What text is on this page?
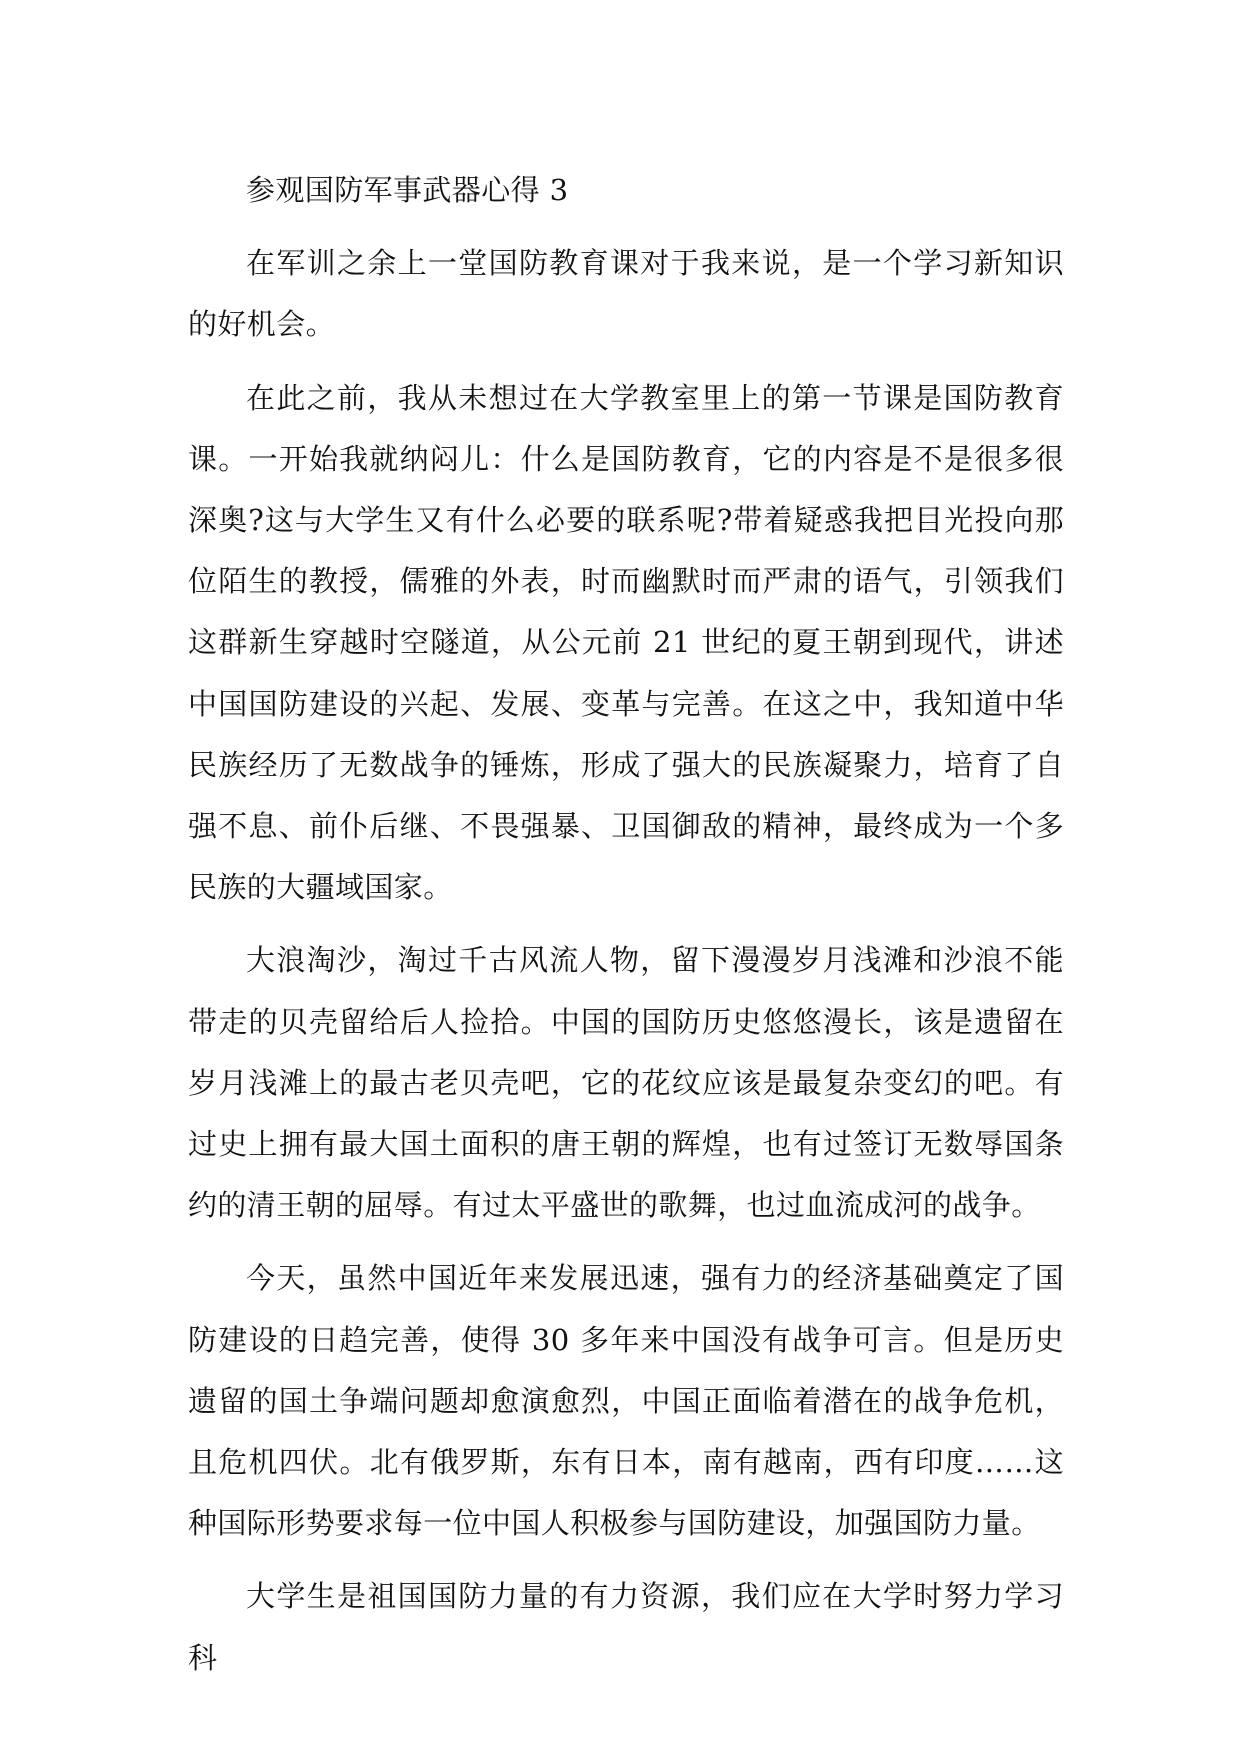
参观国防军事武器心得 3

在军训之余上一堂国防教育课对于我来说，是一个学习新知识的好机会。

在此之前，我从未想过在大学教室里上的第一节课是国防教育课。一开始我就纳闷儿：什么是国防教育，它的内容是不是很多很深奥?这与大学生又有什么必要的联系呢?带着疑惑我把目光投向那位陌生的教授，儒雅的外表，时而幽默时而严肃的语气，引领我们这群新生穿越时空隧道，从公元前 21 世纪的夏王朝到现代，讲述中国国防建设的兴起、发展、变革与完善。在这之中，我知道中华民族经历了无数战争的锤炼，形成了强大的民族凝聚力，培育了自强不息、前仆后继、不畏强暴、卫国御敌的精神，最终成为一个多民族的大疆域国家。

大浪淘沙，淘过千古风流人物，留下漫漫岁月浅滩和沙浪不能带走的贝壳留给后人捡拾。中国的国防历史悠悠漫长，该是遗留在岁月浅滩上的最古老贝壳吧，它的花纹应该是最复杂变幻的吧。有过史上拥有最大国土面积的唐王朝的辉煌，也有过签订无数辱国条约的清王朝的屈辱。有过太平盛世的歌舞，也过血流成河的战争。

今天，虽然中国近年来发展迅速，强有力的经济基础奠定了国防建设的日趋完善，使得 30 多年来中国没有战争可言。但是历史遗留的国土争端问题却愈演愈烈，中国正面临着潜在的战争危机，且危机四伏。北有俄罗斯，东有日本，南有越南，西有印度……这种国际形势要求每一位中国人积极参与国防建设，加强国防力量。

大学生是祖国国防力量的有力资源，我们应在大学时努力学习科
